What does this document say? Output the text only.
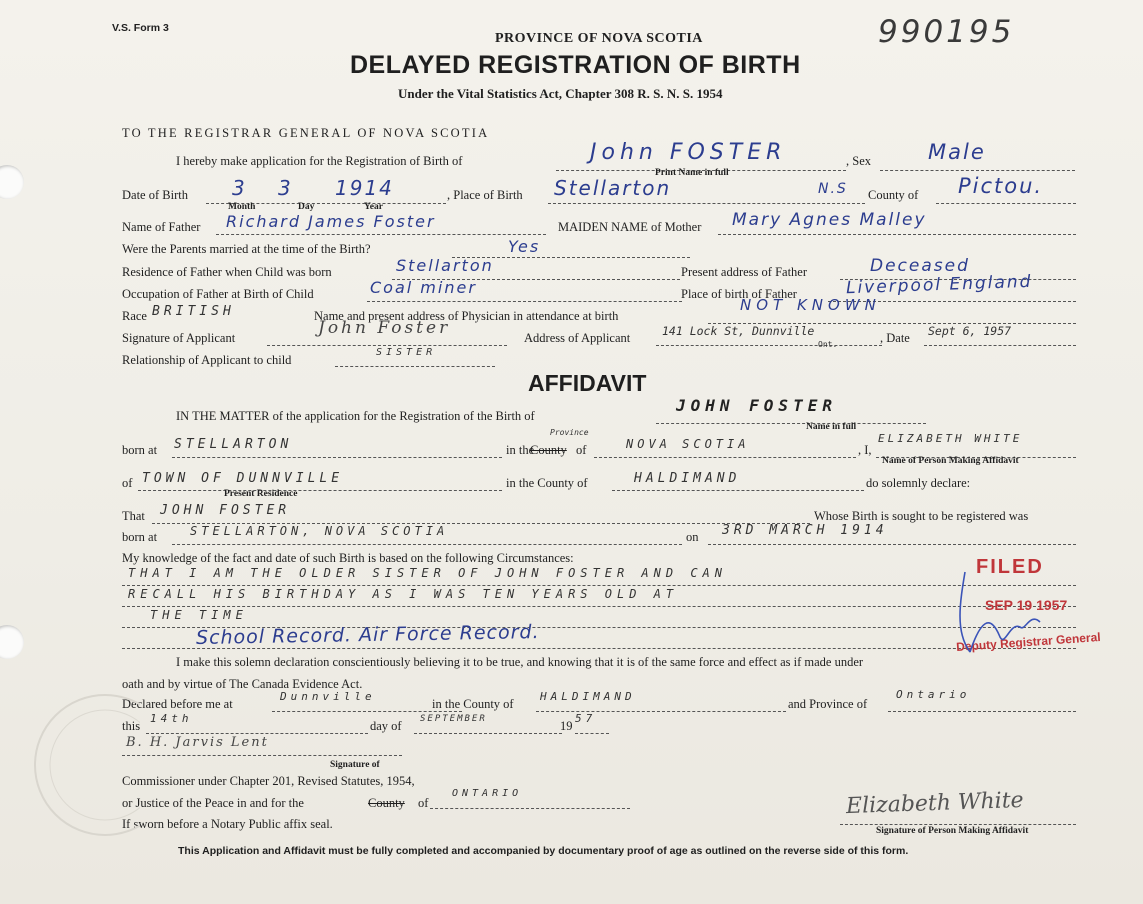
V.S. Form 3	990195
PROVINCE OF NOVA SCOTIA
DELAYED REGISTRATION OF BIRTH
Under the Vital Statistics Act, Chapter 308 R. S. N. S. 1954
TO THE REGISTRAR GENERAL OF NOVA SCOTIA
I hereby make application for the Registration of Birth of	John FOSTER
Print Name in full
, Sex	Male
Date of Birth 3 3 1914
Month	Day	Year
, Place of Birth Stellarton	N.S County of Pictou.
Name of Father Richard James Foster	MAIDEN NAME of Mother Mary Agnes Malley
Were the Parents married at the time of the Birth?	Yes
Residence of Father when Child was born	Stellarton	Present address of Father	Deceased
Occupation of Father at Birth of Child	Coal miner	Place of birth of Father	Liverpool England
Race BRITISH	Name and present address of Physician in attendance at birth
NOT KNOWN
Signature of Applicant	John Foster	Address of Applicant	141 Lock St, Dunnville
Ont.	, Date Sept 6, 1957
Relationship of Applicant to child
SISTER
AFFIDAVIT
IN THE MATTER of the application for the Registration of the Birth of
JOHN FOSTER
Name in full
born at STELLARTON	in the
County
Province
of	NOVA SCOTIA	, I,
ELIZABETH WHITE
Name of Person Making Affidavit
of TOWN OF DUNNVILLE
Present Residence
in the County of	HALDIMAND	do solemnly declare:
That JOHN FOSTER	Whose Birth is sought to be registered was
born at	STELLARTON, NOVA SCOTIA	on 3RD MARCH 1914
My knowledge of the fact and date of such Birth is based on the following Circumstances:
THAT I AM THE OLDER SISTER OF JOHN FOSTER AND CAN
RECALL HIS BIRTHDAY AS I WAS TEN YEARS OLD AT
THE TIME
School Record. Air Force Record.
I make this solemn declaration conscientiously believing it to be true, and knowing that it is of the same force and effect as if made under
oath and by virtue of The Canada Evidence Act.
Declared before me at
Dunnville
in the County of
HALDIMAND
and Province of
Ontario
this
14th
day of SEPTEMBER	19
57
B. H. Jarvis Lent
Signature of
Commissioner under Chapter 201, Revised Statutes, 1954,
or Justice of the Peace in and for the	County of
ONTARIO
If sworn before a Notary Public affix seal.
Elizabeth White
Signature of Person Making Affidavit
FILED
SEP 19 1957
Deputy Registrar General
This Application and Affidavit must be fully completed and accompanied by documentary proof of age as outlined on the reverse side of this form.
